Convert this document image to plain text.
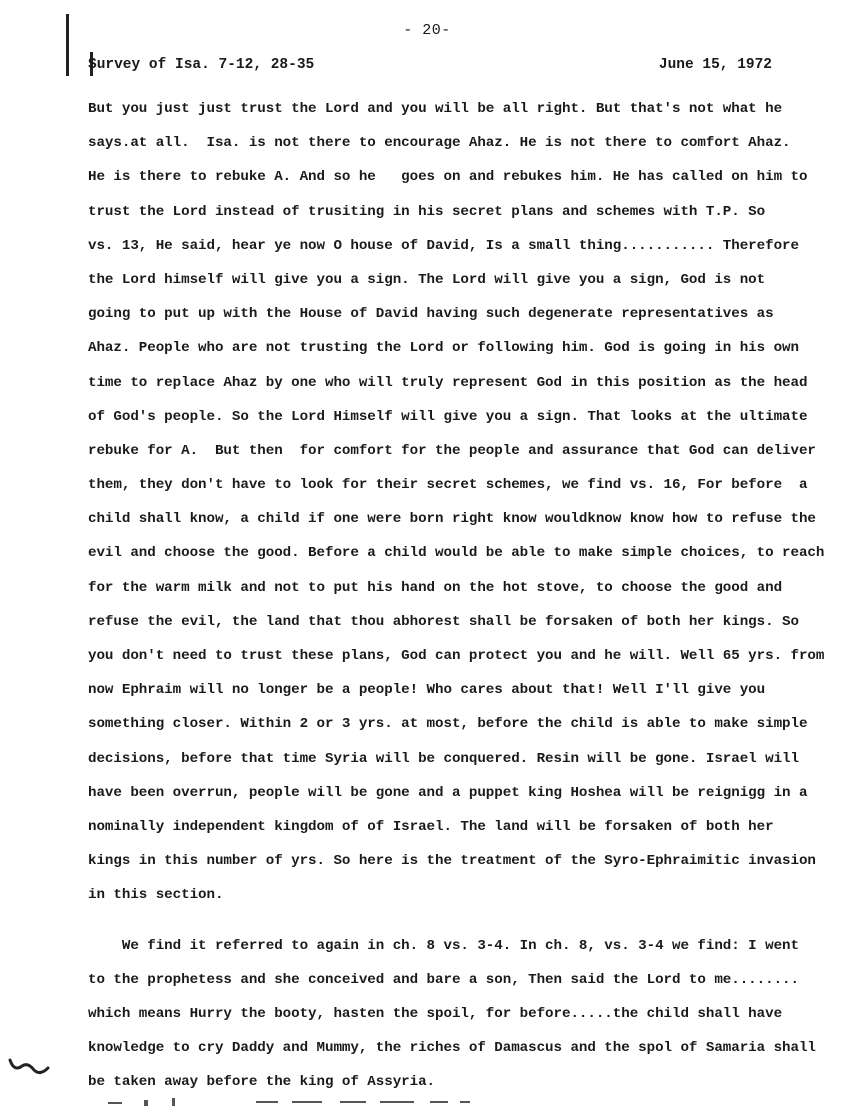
- 20-
Survey of Isa. 7-12, 28-35	June 15, 1972
But you just just trust the Lord and you will be all right. But that's not what he
says.at all.  Isa. is not there to encourage Ahaz. He is not there to comfort Ahaz.
He is there to rebuke A. And so he   goes on and rebukes him. He has called on him to
trust the Lord instead of trusiting in his secret plans and schemes with T.P. So
vs. 13, He said, hear ye now O house of David, Is a small thing........... Therefore
the Lord himself will give you a sign. The Lord will give you a sign, God is not
going to put up with the House of David having such degenerate representatives as
Ahaz. People who are not trusting the Lord or following him. God is going in his own
time to replace Ahaz by one who will truly represent God in this position as the head
of God's people. So the Lord Himself will give you a sign. That looks at the ultimate
rebuke for A.  But then  for comfort for the people and assurance that God can deliver
them, they don't have to look for their secret schemes, we find vs. 16, For before  a
child shall know, a child if one were born right know wouldknow know how to refuse the
evil and choose the good. Before a child would be able to make simple choices, to reach
for the warm milk and not to put his hand on the hot stove, to choose the good and
refuse the evil, the land that thou abhorest shall be forsaken of both her kings. So
you don't need to trust these plans, God can protect you and he will. Well 65 yrs. from
now Ephraim will no longer be a people! Who cares about that! Well I'll give you
something closer. Within 2 or 3 yrs. at most, before the child is able to make simple
decisions, before that time Syria will be conquered. Resin will be gone. Israel will
have been overrun, people will be gone and a puppet king Hoshea will be reignigg in a
nominally independent kingdom of of Israel. The land will be forsaken of both her
kings in this number of yrs. So here is the treatment of the Syro-Ephraimitic invasion
in this section.
We find it referred to again in ch. 8 vs. 3-4. In ch. 8, vs. 3-4 we find: I went
to the prophetess and she conceived and bare a son, Then said the Lord to me........
which means Hurry the booty, hasten the spoil, for before.....the child shall have
knowledge to cry Daddy and Mummy, the riches of Damascus and the spol of Samaria shall
be taken away before the king of Assyria.
